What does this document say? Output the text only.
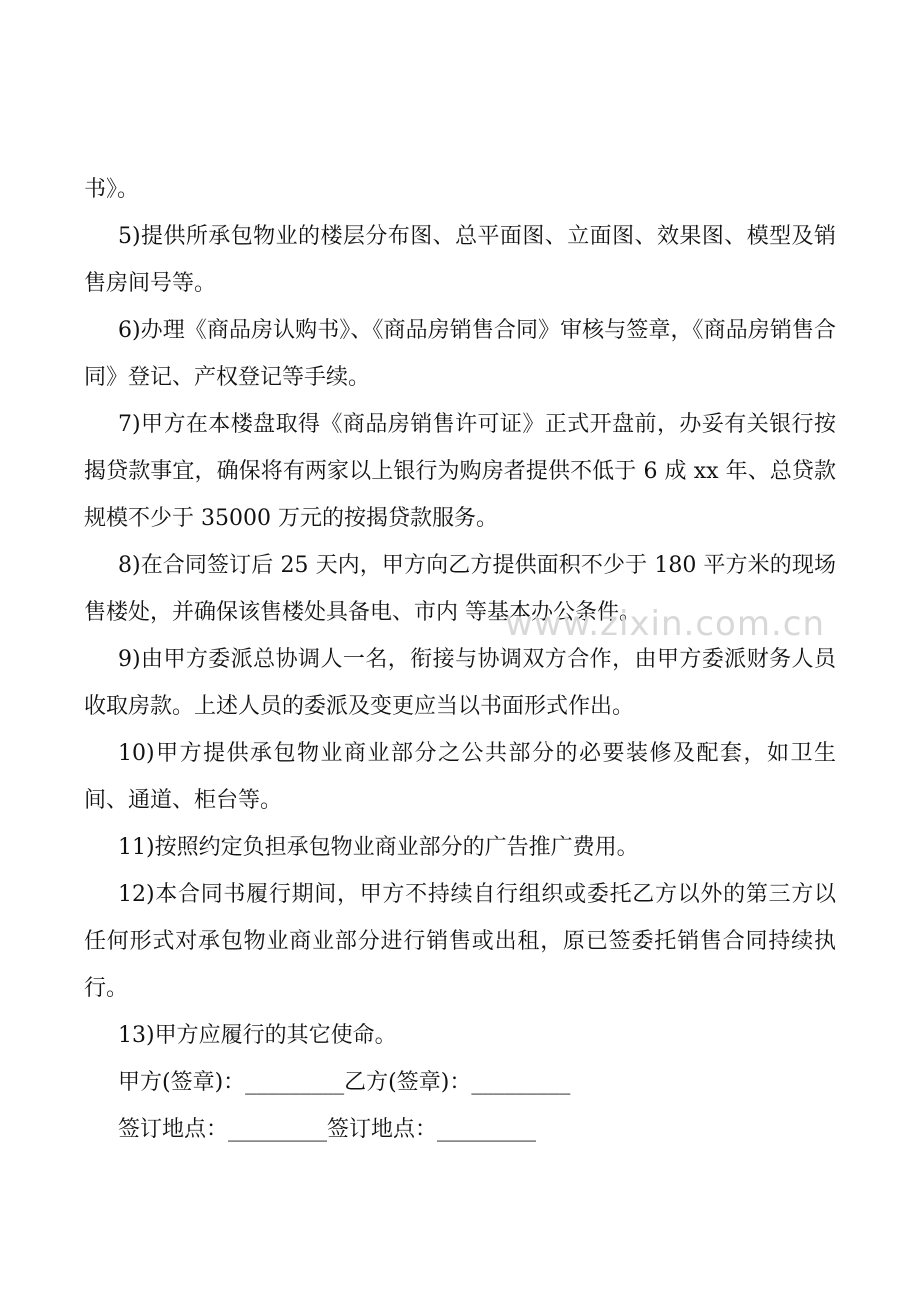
书》。

5)提供所承包物业的楼层分布图、总平面图、立面图、效果图、模型及销售房间号等。

6)办理《商品房认购书》、《商品房销售合同》审核与签章，《商品房销售合同》登记、产权登记等手续。

7)甲方在本楼盘取得《商品房销售许可证》正式开盘前，办妥有关银行按揭贷款事宜，确保将有两家以上银行为购房者提供不低于 6 成 xx 年、总贷款规模不少于 35000 万元的按揭贷款服务。

8)在合同签订后 25 天内，甲方向乙方提供面积不少于 180 平方米的现场售楼处，并确保该售楼处具备电、市内 等基本办公条件。

9)由甲方委派总协调人一名，衔接与协调双方合作，由甲方委派财务人员收取房款。上述人员的委派及变更应当以书面形式作出。

10)甲方提供承包物业商业部分之公共部分的必要装修及配套，如卫生间、通道、柜台等。

11)按照约定负担承包物业商业部分的广告推广费用。

12)本合同书履行期间，甲方不持续自行组织或委托乙方以外的第三方以任何形式对承包物业商业部分进行销售或出租，原已签委托销售合同持续执行。

13)甲方应履行的其它使命。

甲方(签章)：_________乙方(签章)：_________

签订地点：_________签订地点：_________

www.zixin.com.cn
